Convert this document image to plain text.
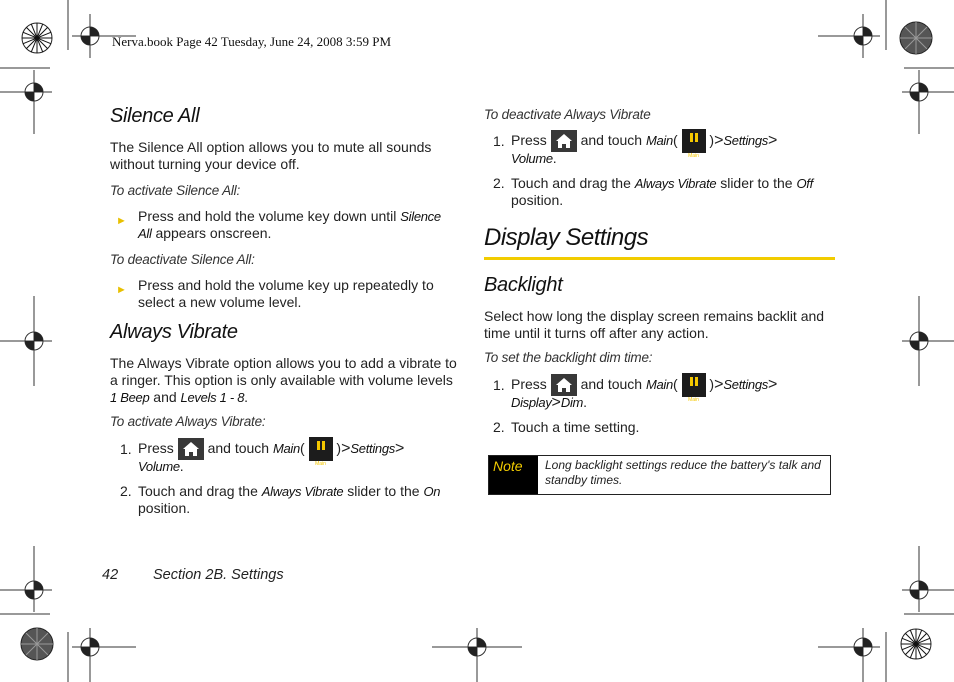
Nerva.book Page 42 Tuesday, June 24, 2008 3:59 PM
Silence All
The Silence All option allows you to mute all sounds without turning your device off.
To activate Silence All:
► Press and hold the volume key down until Silence All appears onscreen.
To deactivate Silence All:
► Press and hold the volume key up repeatedly to select a new volume level.
Always Vibrate
The Always Vibrate option allows you to add a vibrate to a ringer. This option is only available with volume levels 1 Beep and Levels 1 - 8.
To activate Always Vibrate:
1. Press and touch Main(
Main
)>Settings>
Volume.
2. Touch and drag the Always Vibrate slider to the On
position.
To deactivate Always Vibrate
1. Press and touch Main(
Main
)>Settings>
Volume.
2. Touch and drag the Always Vibrate slider to the Off
position.
Display Settings
Backlight
Select how long the display screen remains backlit and time until it turns off after any action.
To set the backlight dim time:
1. Press and touch Main(
Main
)>Settings>
Display>Dim.
2. Touch a time setting.
Note	Long backlight settings reduce the battery's talk and standby times.
42 Section 2B. Settings
